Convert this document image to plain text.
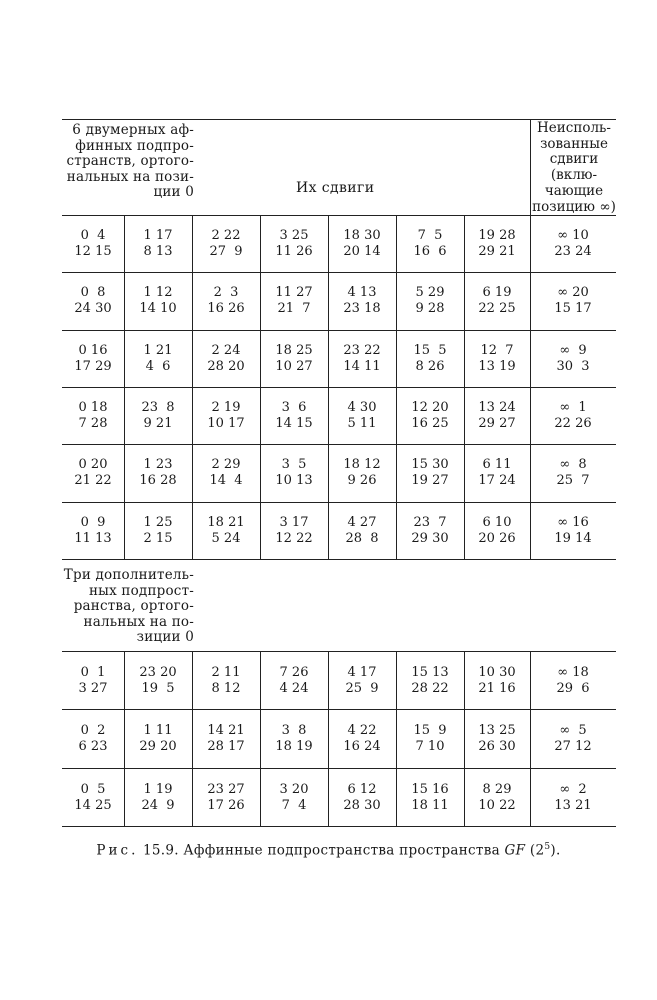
6 двумерных аф-
финных подпро-
странств, ортого-
нальных на пози-
ции 0	Их сдвиги
Неисполь-
зованные
сдвиги
(вклю-
чающие
позицию ∞)
Три дополнитель-
ных подпрост-
ранства, ортого-
нальных на по-
зиции 0
0  4
12 15
1 17
8 13
2 22
27  9
3 25
11 26
18 30
20 14
7  5
16  6
19 28
29 21
∞ 10
23 24
0  8
24 30
1 12
14 10
2  3
16 26
11 27
21  7
4 13
23 18
5 29
9 28
6 19
22 25
∞ 20
15 17
0 16
17 29
1 21
4  6
2 24
28 20
18 25
10 27
23 22
14 11
15  5
8 26
12  7
13 19
∞  9
30  3
0 18
7 28
23  8
9 21
2 19
10 17
3  6
14 15
4 30
5 11
12 20
16 25
13 24
29 27
∞  1
22 26
0 20
21 22
1 23
16 28
2 29
14  4
3  5
10 13
18 12
9 26
15 30
19 27
6 11
17 24
∞  8
25  7
0  9
11 13
1 25
2 15
18 21
5 24
3 17
12 22
4 27
28  8
23  7
29 30
6 10
20 26
∞ 16
19 14
0  1
3 27
23 20
19  5
2 11
8 12
7 26
4 24
4 17
25  9
15 13
28 22
10 30
21 16
∞ 18
29  6
0  2
6 23
1 11
29 20
14 21
28 17
3  8
18 19
4 22
16 24
15  9
7 10
13 25
26 30
∞  5
27 12
0  5
14 25
1 19
24  9
23 27
17 26
3 20
7  4
6 12
28 30
15 16
18 11
8 29
10 22
∞  2
13 21
Рис. 15.9. Аффинные подпространства пространства GF $(2^5)$.
